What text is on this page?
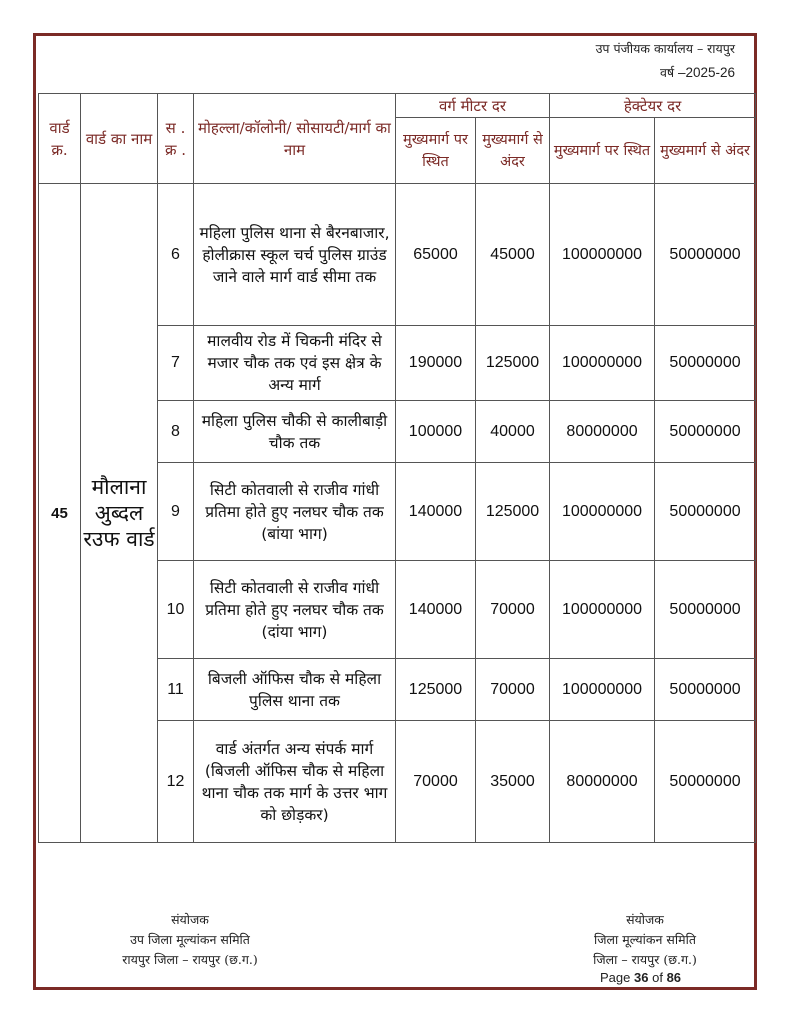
उप पंजीयक कार्यालय – रायपुर
वर्ष –2025-26
वार्ड क्र.	वार्ड का नाम	स . क्र .	मोहल्ला/कॉलोनी/ सोसायटी/मार्ग का नाम	वर्ग मीटर दर		हेक्टेयर दर	
				मुख्यमार्ग पर स्थित	मुख्यमार्ग से अंदर	मुख्यमार्ग पर स्थित	मुख्यमार्ग से अंदर
45	मौलाना अुब्दल रउफ वार्ड	6	महिला पुलिस थाना से बैरनबाजार, होलीक्रास स्कूल चर्च पुलिस ग्राउंड जाने वाले मार्ग वार्ड सीमा तक	65000	45000	100000000	50000000
		7	मालवीय रोड में चिकनी मंदिर से मजार चौक तक एवं इस क्षेत्र के अन्य मार्ग	190000	125000	100000000	50000000
		8	महिला पुलिस चौकी से कालीबाड़ी चौक तक	100000	40000	80000000	50000000
		9	सिटी कोतवाली से राजीव गांधी प्रतिमा होते हुए नलघर चौक तक (बांया भाग)	140000	125000	100000000	50000000
		10	सिटी कोतवाली से राजीव गांधी प्रतिमा होते हुए नलघर चौक तक (दांया भाग)	140000	70000	100000000	50000000
		11	बिजली ऑफिस चौक से महिला पुलिस थाना तक	125000	70000	100000000	50000000
		12	वार्ड अंतर्गत अन्य संपर्क मार्ग (बिजली ऑफिस चौक से महिला थाना चौक तक मार्ग के उत्तर भाग को छोड़कर)	70000	35000	80000000	50000000
संयोजक
उप जिला मूल्यांकन समिति
रायपुर जिला – रायपुर (छ.ग.)
संयोजक
जिला मूल्यांकन समिति
जिला – रायपुर (छ.ग.)
Page 36 of 86
